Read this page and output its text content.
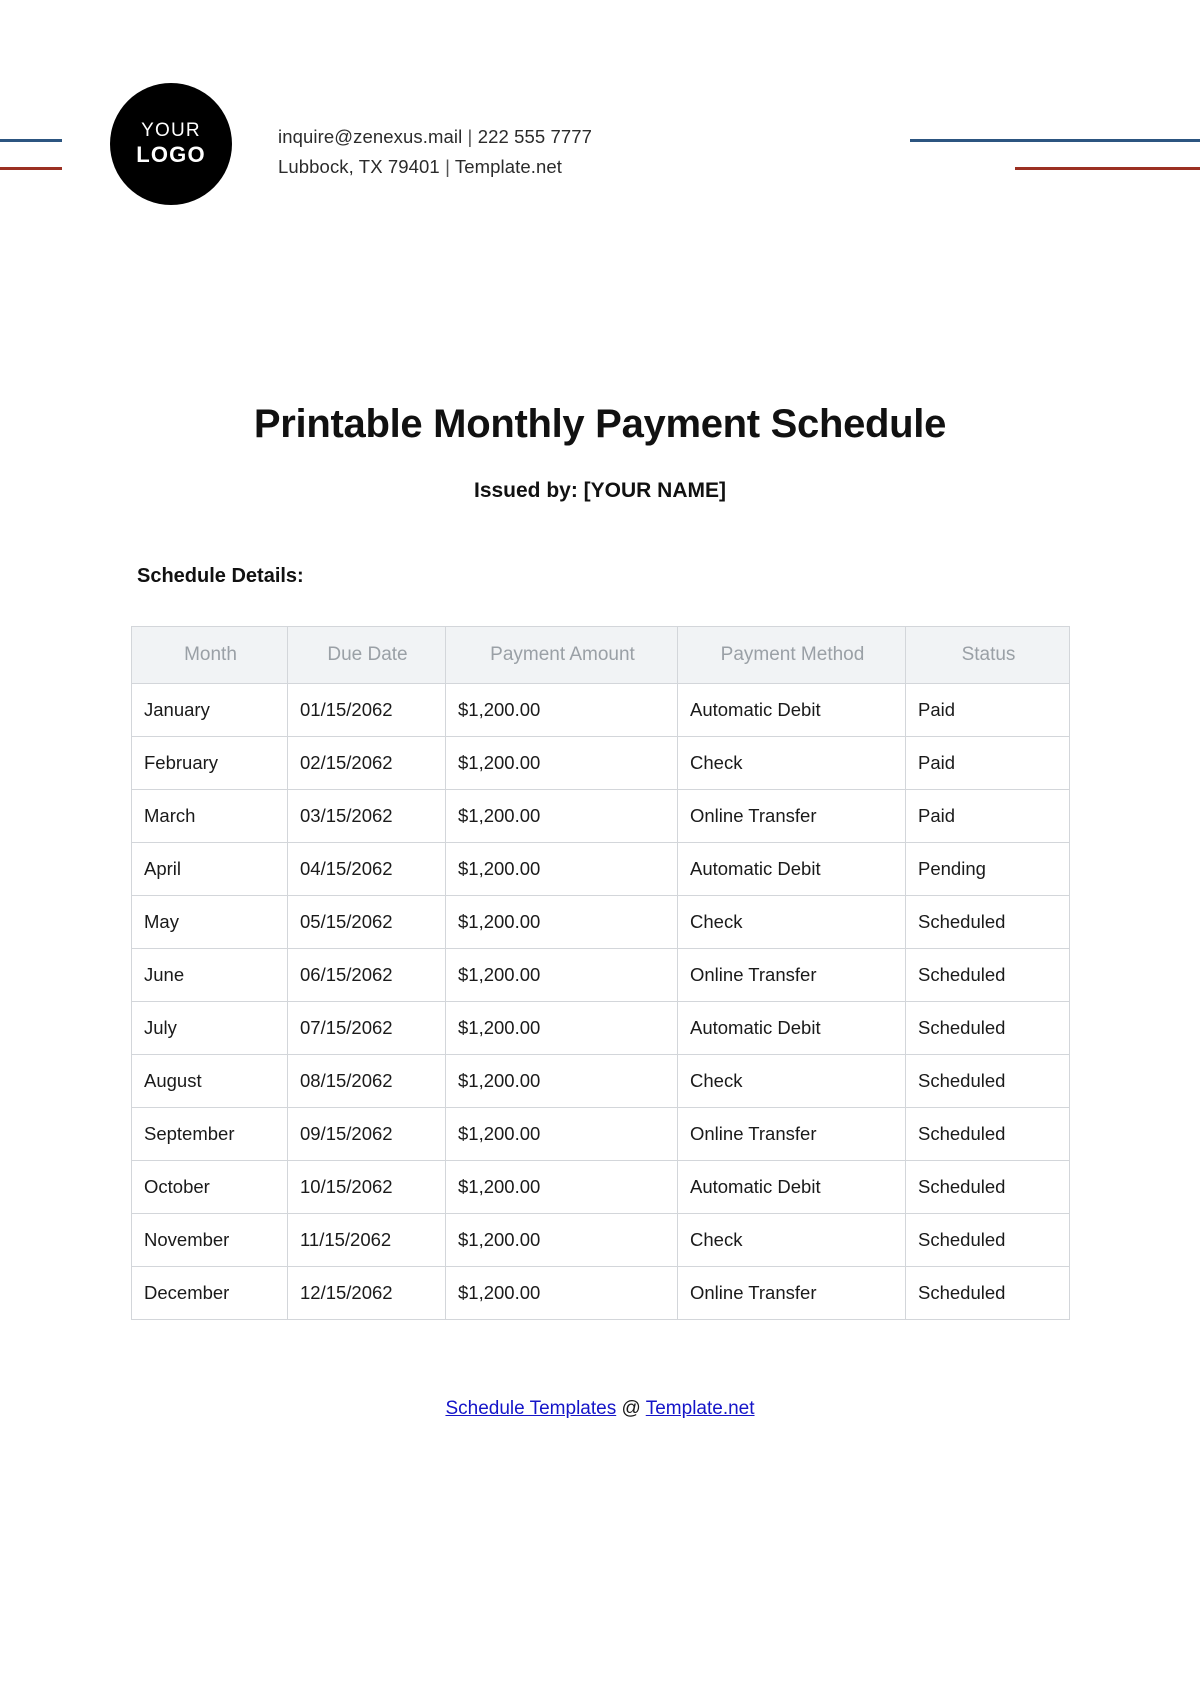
YOUR
LOGO
inquire@zenexus.mail | 222 555 7777
Lubbock, TX 79401 | Template.net
Printable Monthly Payment Schedule
Issued by: [YOUR NAME]
Schedule Details:
Month	Due Date	Payment Amount	Payment Method	Status
January	01/15/2062	$1,200.00	Automatic Debit	Paid
February	02/15/2062	$1,200.00	Check	Paid
March	03/15/2062	$1,200.00	Online Transfer	Paid
April	04/15/2062	$1,200.00	Automatic Debit	Pending
May	05/15/2062	$1,200.00	Check	Scheduled
June	06/15/2062	$1,200.00	Online Transfer	Scheduled
July	07/15/2062	$1,200.00	Automatic Debit	Scheduled
August	08/15/2062	$1,200.00	Check	Scheduled
September	09/15/2062	$1,200.00	Online Transfer	Scheduled
October	10/15/2062	$1,200.00	Automatic Debit	Scheduled
November	11/15/2062	$1,200.00	Check	Scheduled
December	12/15/2062	$1,200.00	Online Transfer	Scheduled
Schedule Templates @ Template.net
